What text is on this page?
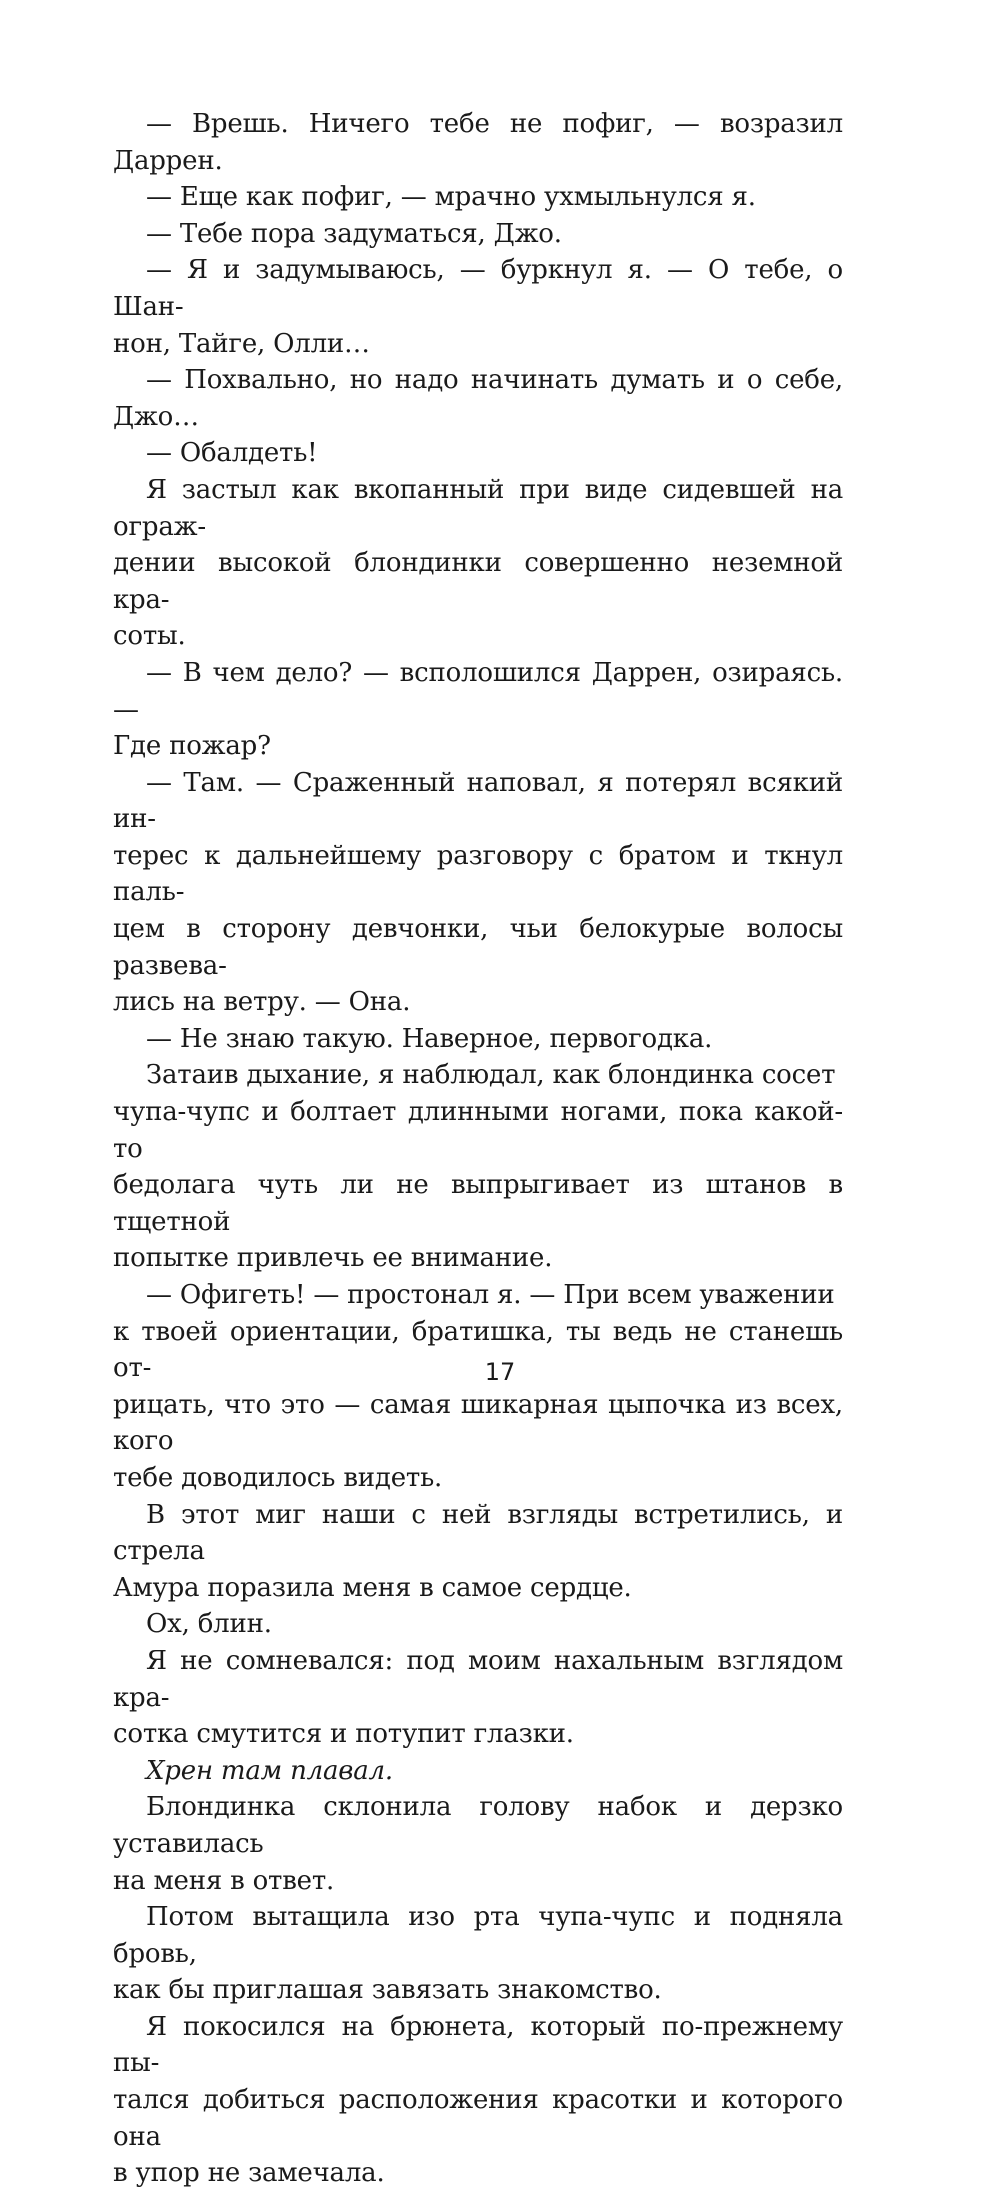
— Врешь. Ничего тебе не пофиг, — возразил Даррен.

— Еще как пофиг, — мрачно ухмыльнулся я.

— Тебе пора задуматься, Джо.

— Я и задумываюсь, — буркнул я. — О тебе, о Шан-
нон, Тайге, Олли…

— Похвально, но надо начинать думать и о себе, Джо…

— Обалдеть!

Я застыл как вкопанный при виде сидевшей на ограж-
дении высокой блондинки совершенно неземной кра-
соты.

— В чем дело? — всполошился Даррен, озираясь. —
Где пожар?

— Там. — Сраженный наповал, я потерял всякий ин-
терес к дальнейшему разговору с братом и ткнул паль-
цем в сторону девчонки, чьи белокурые волосы развева-
лись на ветру. — Она.

— Не знаю такую. Наверное, первогодка.

Затаив дыхание, я наблюдал, как блондинка сосет
чупа-чупс и болтает длинными ногами, пока какой-то
бедолага чуть ли не выпрыгивает из штанов в тщетной
попытке привлечь ее внимание.

— Офигеть! — простонал я. — При всем уважении
к твоей ориентации, братишка, ты ведь не станешь от-
рицать, что это — самая шикарная цыпочка из всех, кого
тебе доводилось видеть.

В этот миг наши с ней взгляды встретились, и стрела
Амура поразила меня в самое сердце.

Ох, блин.

Я не сомневался: под моим нахальным взглядом кра-
сотка смутится и потупит глазки.

Хрен там плавал.

Блондинка склонила голову набок и дерзко уставилась
на меня в ответ.

Потом вытащила изо рта чупа-чупс и подняла бровь,
как бы приглашая завязать знакомство.

Я покосился на брюнета, который по-прежнему пы-
тался добиться расположения красотки и которого она
в упор не замечала.

17
